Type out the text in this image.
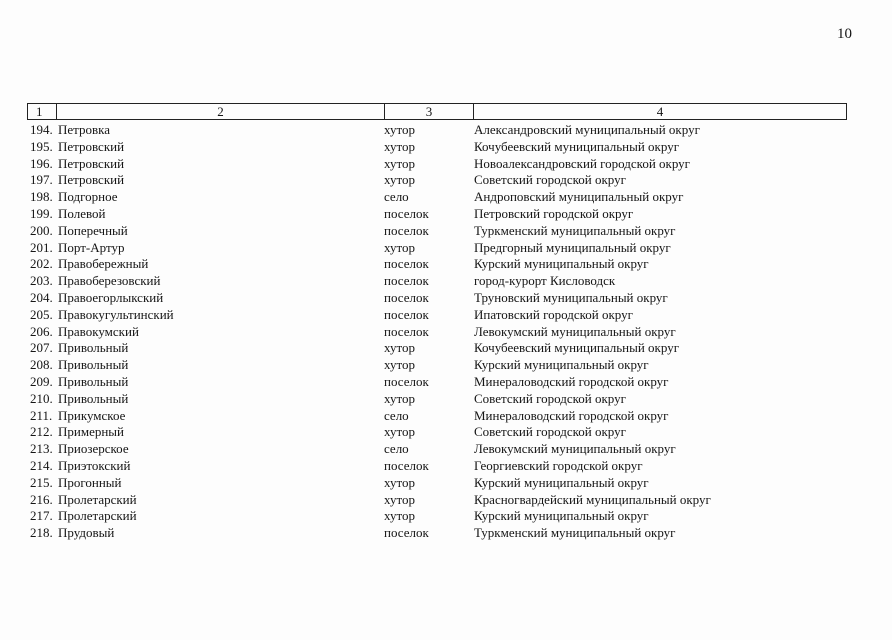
10
1	2	3	4
194. Петровка	хутор	Александровский муниципальный округ
195. Петровский	хутор	Кочубеевский муниципальный округ
196. Петровский	хутор	Новоалександровский городской округ
197. Петровский	хутор	Советский городской округ
198. Подгорное	село	Андроповский муниципальный округ
199. Полевой	поселок	Петровский городской округ
200. Поперечный	поселок	Туркменский муниципальный округ
201. Порт-Артур	хутор	Предгорный муниципальный округ
202. Правобережный	поселок	Курский муниципальный округ
203. Правоберезовский	поселок	город-курорт Кисловодск
204. Правоегорлыкский	поселок	Труновский муниципальный округ
205. Правокугультинский	поселок	Ипатовский городской округ
206. Правокумский	поселок	Левокумский муниципальный округ
207. Привольный	хутор	Кочубеевский муниципальный округ
208. Привольный	хутор	Курский муниципальный округ
209. Привольный	поселок	Минераловодский городской округ
210. Привольный	хутор	Советский городской округ
211. Прикумское	село	Минераловодский городской округ
212. Примерный	хутор	Советский городской округ
213. Приозерское	село	Левокумский муниципальный округ
214. Приэтокский	поселок	Георгиевский городской округ
215. Прогонный	хутор	Курский муниципальный округ
216. Пролетарский	хутор	Красногвардейский муниципальный округ
217. Пролетарский	хутор	Курский муниципальный округ
218. Прудовый	поселок	Туркменский муниципальный округ
